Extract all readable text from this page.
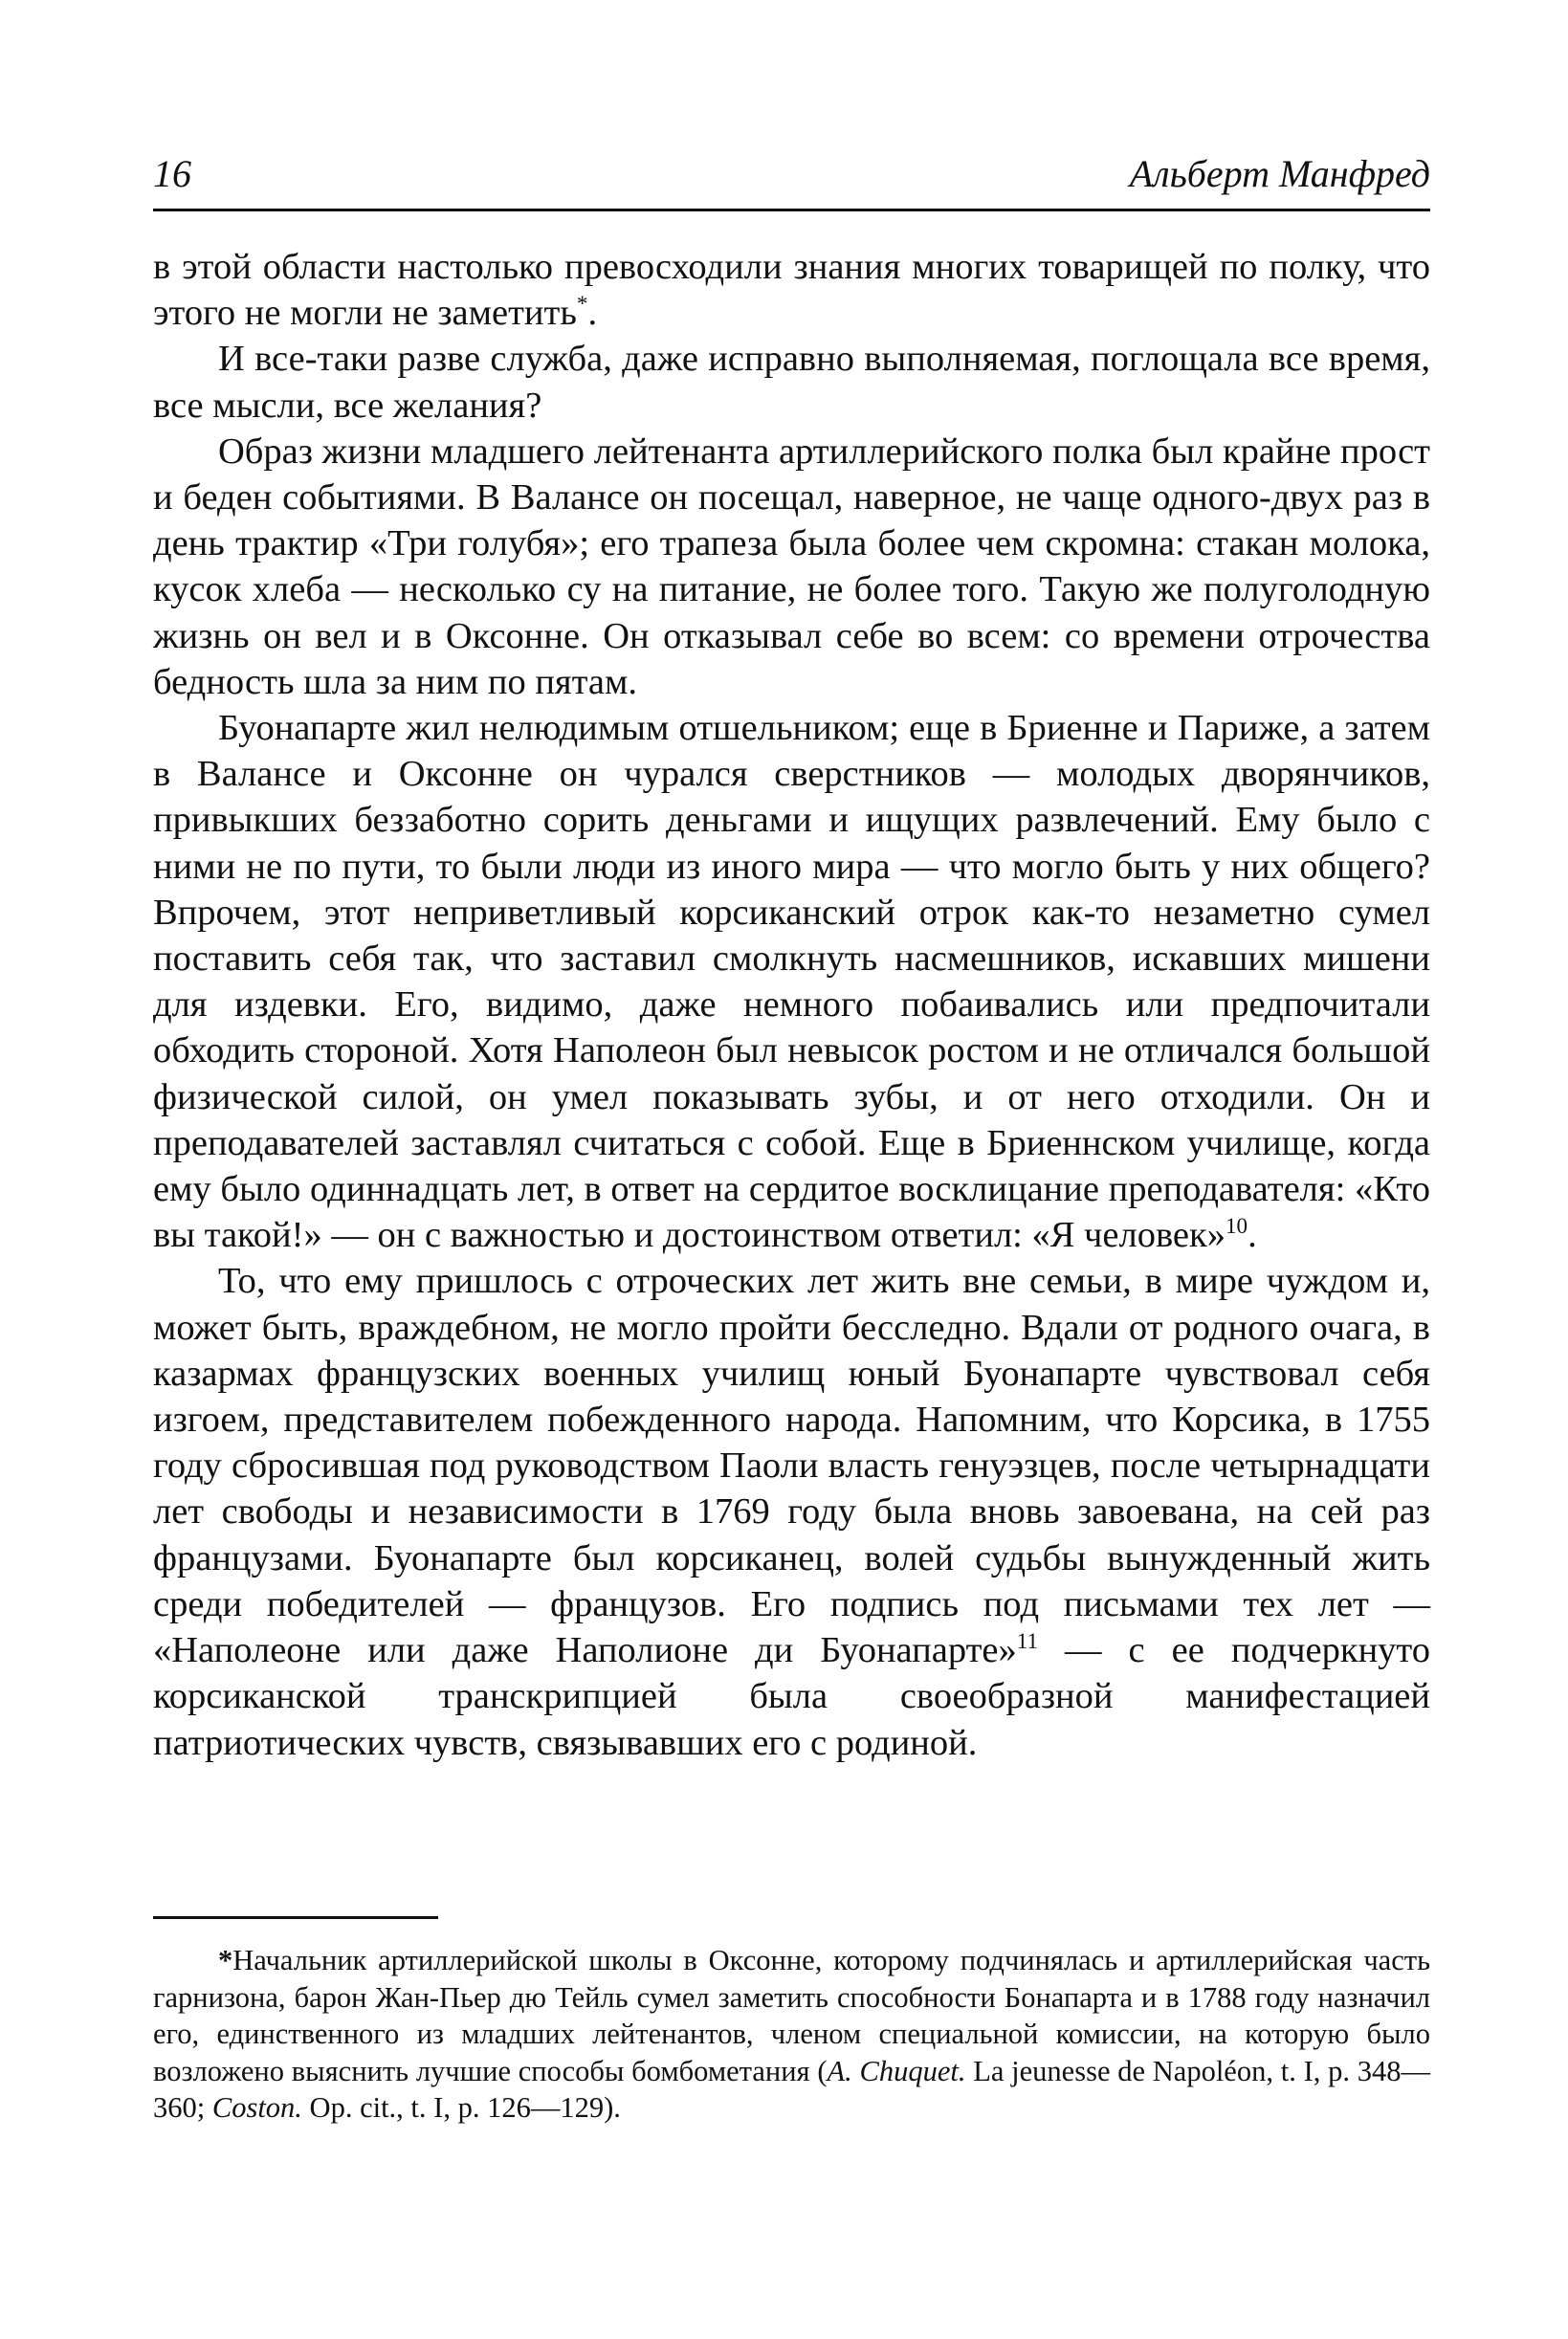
16	Альберт Манфред

в этой области настолько превосходили знания многих товарищей по полку, что этого не могли не заметить*.

И все-таки разве служба, даже исправно выполняемая, поглощала все время, все мысли, все желания?

Образ жизни младшего лейтенанта артиллерийского полка был крайне прост и беден событиями. В Валансе он посещал, наверное, не чаще одного-двух раз в день трактир «Три голубя»; его трапеза была более чем скромна: стакан молока, кусок хлеба — несколько су на питание, не более того. Такую же полуголодную жизнь он вел и в Оксонне. Он отказывал себе во всем: со времени отрочества бедность шла за ним по пятам.

Буонапарте жил нелюдимым отшельником; еще в Бриенне и Париже, а затем в Валансе и Оксонне он чурался сверстников — молодых дворянчиков, привыкших беззаботно сорить деньгами и ищущих развлечений. Ему было с ними не по пути, то были люди из иного мира — что могло быть у них общего? Впрочем, этот неприветливый корсиканский отрок как-то незаметно сумел поставить себя так, что заставил смолкнуть насмешников, искавших мишени для издевки. Его, видимо, даже немного побаивались или предпочитали обходить стороной. Хотя Наполеон был невысок ростом и не отличался большой физической силой, он умел показывать зубы, и от него отходили. Он и преподавателей заставлял считаться с собой. Еще в Бриеннском училище, когда ему было одиннадцать лет, в ответ на сердитое восклицание преподавателя: «Кто вы такой!» — он с важностью и достоинством ответил: «Я человек»$^{10}$.

То, что ему пришлось с отроческих лет жить вне семьи, в мире чуждом и, может быть, враждебном, не могло пройти бесследно. Вдали от родного очага, в казармах французских военных училищ юный Буонапарте чувствовал себя изгоем, представителем побежденного народа. Напомним, что Корсика, в 1755 году сбросившая под руководством Паоли власть генуэзцев, после четырнадцати лет свободы и независимости в 1769 году была вновь завоевана, на сей раз французами. Буонапарте был корсиканец, волей судьбы вынужденный жить среди победителей — французов. Его подпись под письмами тех лет — «Наполеоне или даже Наполионе ди Буонапарте»$^{11}$ — с ее подчеркнуто корсиканской транскрипцией была своеобразной манифестацией патриотических чувств, связывавших его с родиной.

*Начальник артиллерийской школы в Оксонне, которому подчинялась и артиллерийская часть гарнизона, барон Жан-Пьер дю Тейль сумел заметить способности Бонапарта и в 1788 году назначил его, единственного из младших лейтенантов, членом специальной комиссии, на которую было возложено выяснить лучшие способы бомбометания (A. Chuquet. La jeunesse de Napoléon, t. I, p. 348—360; Coston. Op. cit., t. I, p. 126—129).
